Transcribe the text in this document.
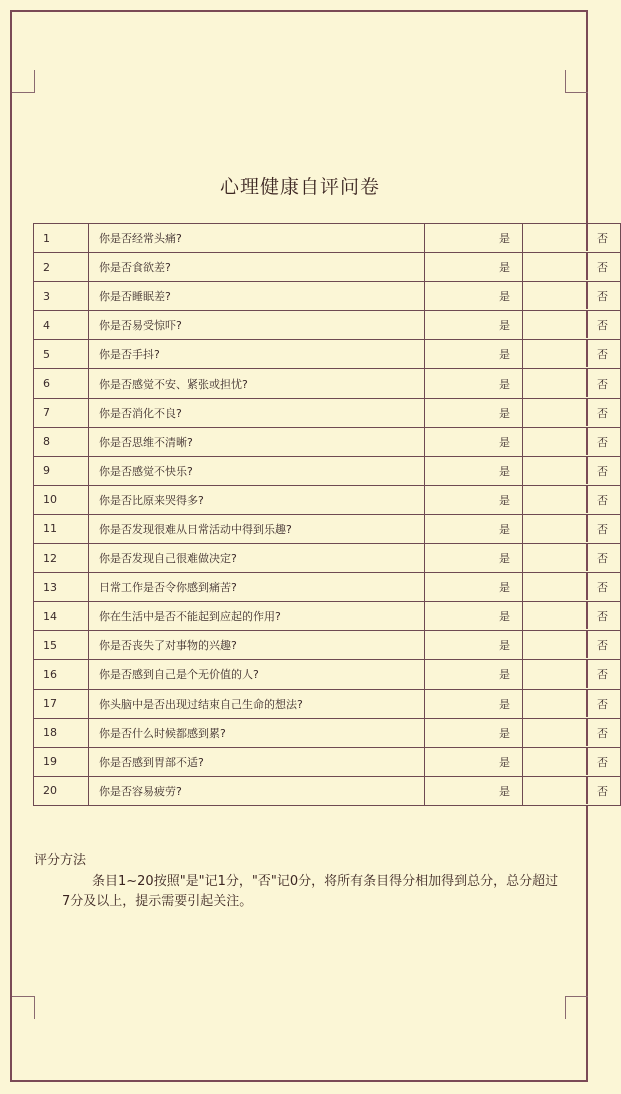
心理健康自评问卷
1	你是否经常头痛?	是	否
2	你是否食欲差?	是	否
3	你是否睡眠差?	是	否
4	你是否易受惊吓?	是	否
5	你是否手抖?	是	否
6	你是否感觉不安、紧张或担忧?	是	否
7	你是否消化不良?	是	否
8	你是否思维不清晰?	是	否
9	你是否感觉不快乐?	是	否
10	你是否比原来哭得多?	是	否
11	你是否发现很难从日常活动中得到乐趣?	是	否
12	你是否发现自己很难做决定?	是	否
13	日常工作是否令你感到痛苦?	是	否
14	你在生活中是否不能起到应起的作用?	是	否
15	你是否丧失了对事物的兴趣?	是	否
16	你是否感到自己是个无价值的人?	是	否
17	你头脑中是否出现过结束自己生命的想法?	是	否
18	你是否什么时候都感到累?	是	否
19	你是否感到胃部不适?	是	否
20	你是否容易疲劳?	是	否
评分方法
条目1~20按照"是"记1分，"否"记0分，将所有条目得分相加得到总分，总分超过7分及以上，提示需要引起关注。
